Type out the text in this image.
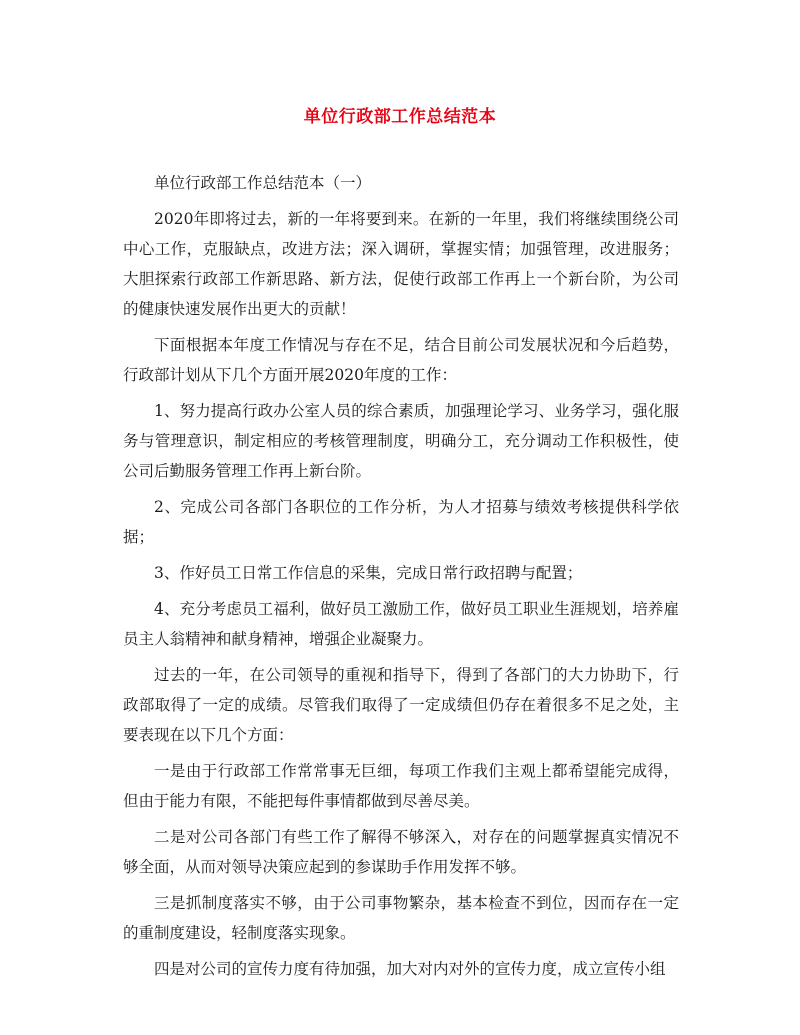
单位行政部工作总结范本

单位行政部工作总结范本（一）

2020年即将过去，新的一年将要到来。在新的一年里，我们将继续围绕公司中心工作，克服缺点，改进方法；深入调研，掌握实情；加强管理，改进服务；大胆探索行政部工作新思路、新方法，促使行政部工作再上一个新台阶，为公司的健康快速发展作出更大的贡献！

下面根据本年度工作情况与存在不足，结合目前公司发展状况和今后趋势，行政部计划从下几个方面开展2020年度的工作：

1、努力提高行政办公室人员的综合素质，加强理论学习、业务学习，强化服务与管理意识，制定相应的考核管理制度，明确分工，充分调动工作积极性，使公司后勤服务管理工作再上新台阶。

2、完成公司各部门各职位的工作分析，为人才招募与绩效考核提供科学依据；

3、作好员工日常工作信息的采集，完成日常行政招聘与配置；

4、充分考虑员工福利，做好员工激励工作，做好员工职业生涯规划，培养雇员主人翁精神和献身精神，增强企业凝聚力。

过去的一年，在公司领导的重视和指导下，得到了各部门的大力协助下，行政部取得了一定的成绩。尽管我们取得了一定成绩但仍存在着很多不足之处，主要表现在以下几个方面：

一是由于行政部工作常常事无巨细，每项工作我们主观上都希望能完成得，但由于能力有限，不能把每件事情都做到尽善尽美。

二是对公司各部门有些工作了解得不够深入，对存在的问题掌握真实情况不够全面，从而对领导决策应起到的参谋助手作用发挥不够。

三是抓制度落实不够，由于公司事物繁杂，基本检查不到位，因而存在一定的重制度建设，轻制度落实现象。

四是对公司的宣传力度有待加强，加大对内对外的宣传力度，成立宣传小组
